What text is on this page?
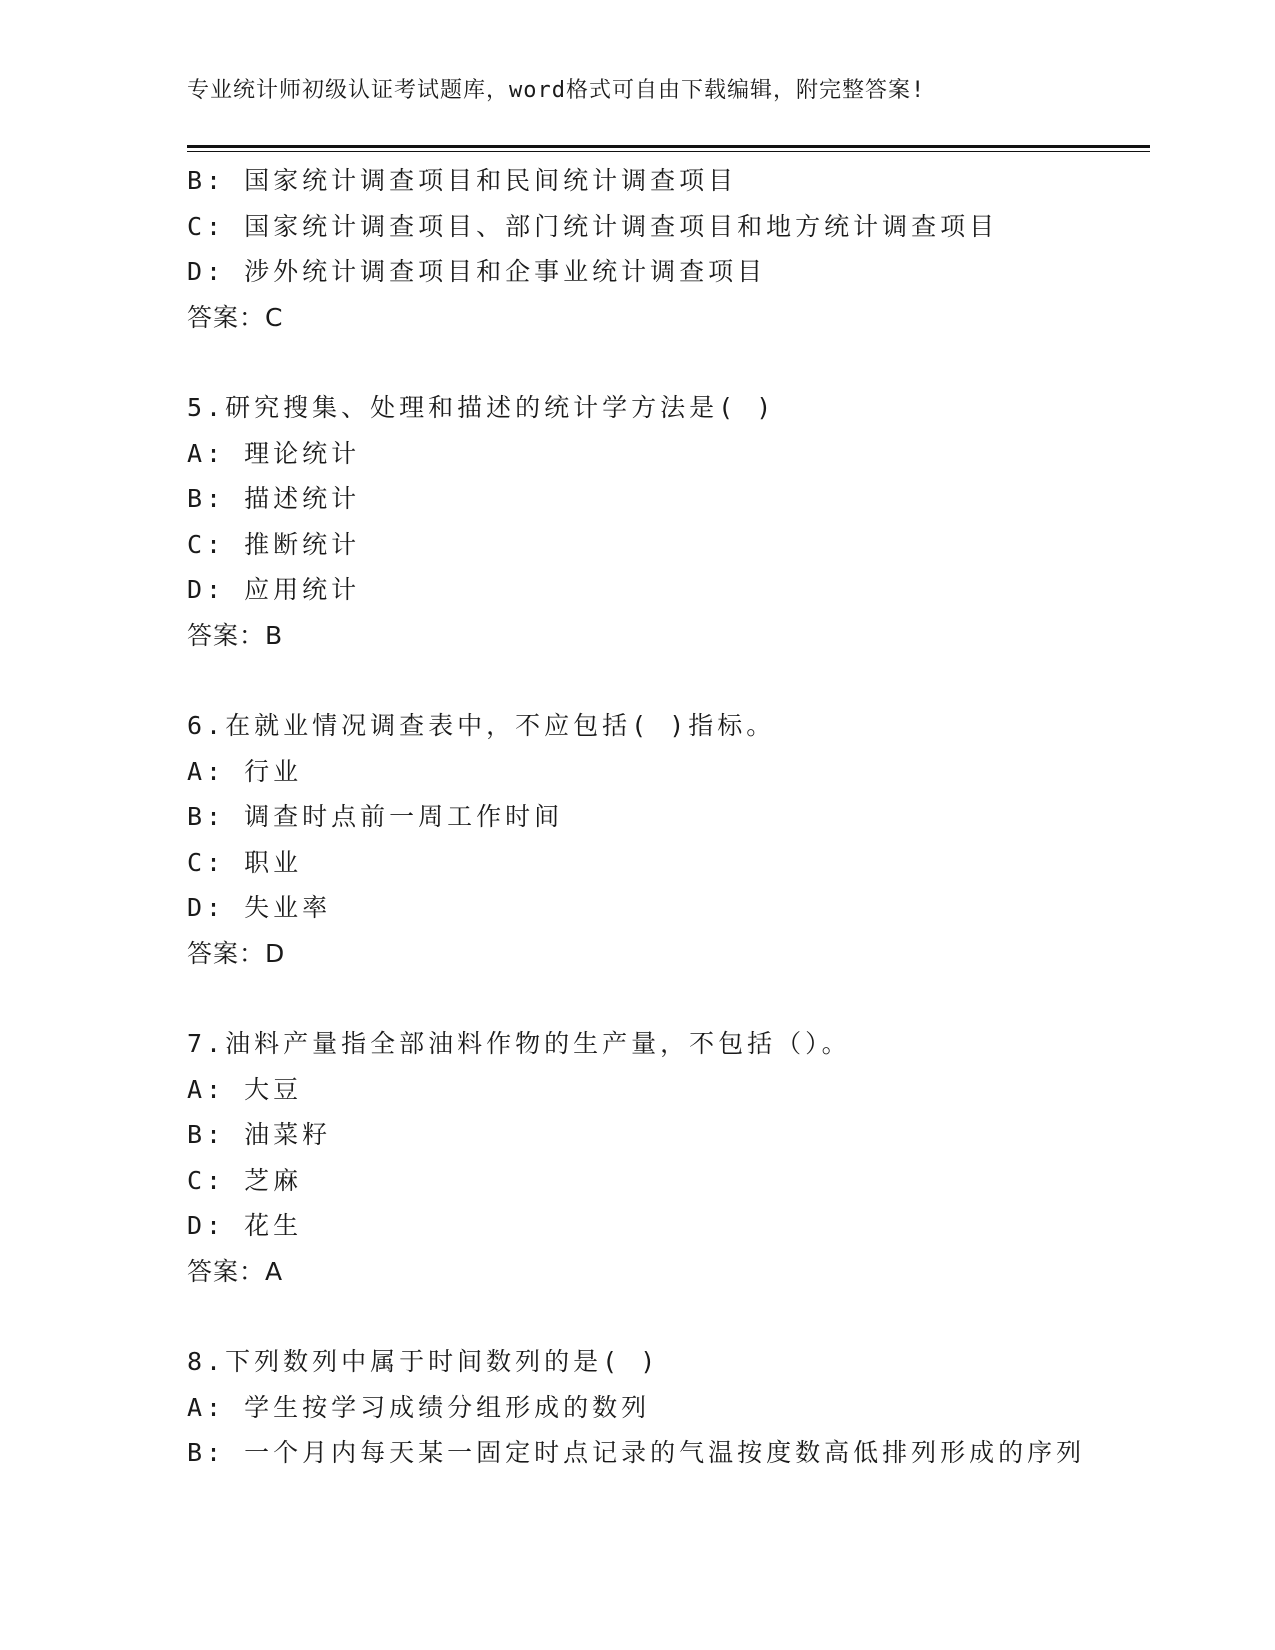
专业统计师初级认证考试题库，word格式可自由下载编辑，附完整答案!
B: 国家统计调查项目和民间统计调查项目
C: 国家统计调查项目、部门统计调查项目和地方统计调查项目
D: 涉外统计调查项目和企事业统计调查项目
答案：C
5.研究搜集、处理和描述的统计学方法是( )
A: 理论统计
B: 描述统计
C: 推断统计
D: 应用统计
答案：B
6.在就业情况调查表中，不应包括( )指标。
A: 行业
B: 调查时点前一周工作时间
C: 职业
D: 失业率
答案：D
7.油料产量指全部油料作物的生产量，不包括（）。
A: 大豆
B: 油菜籽
C: 芝麻
D: 花生
答案：A
8.下列数列中属于时间数列的是( )
A: 学生按学习成绩分组形成的数列
B: 一个月内每天某一固定时点记录的气温按度数高低排列形成的序列
